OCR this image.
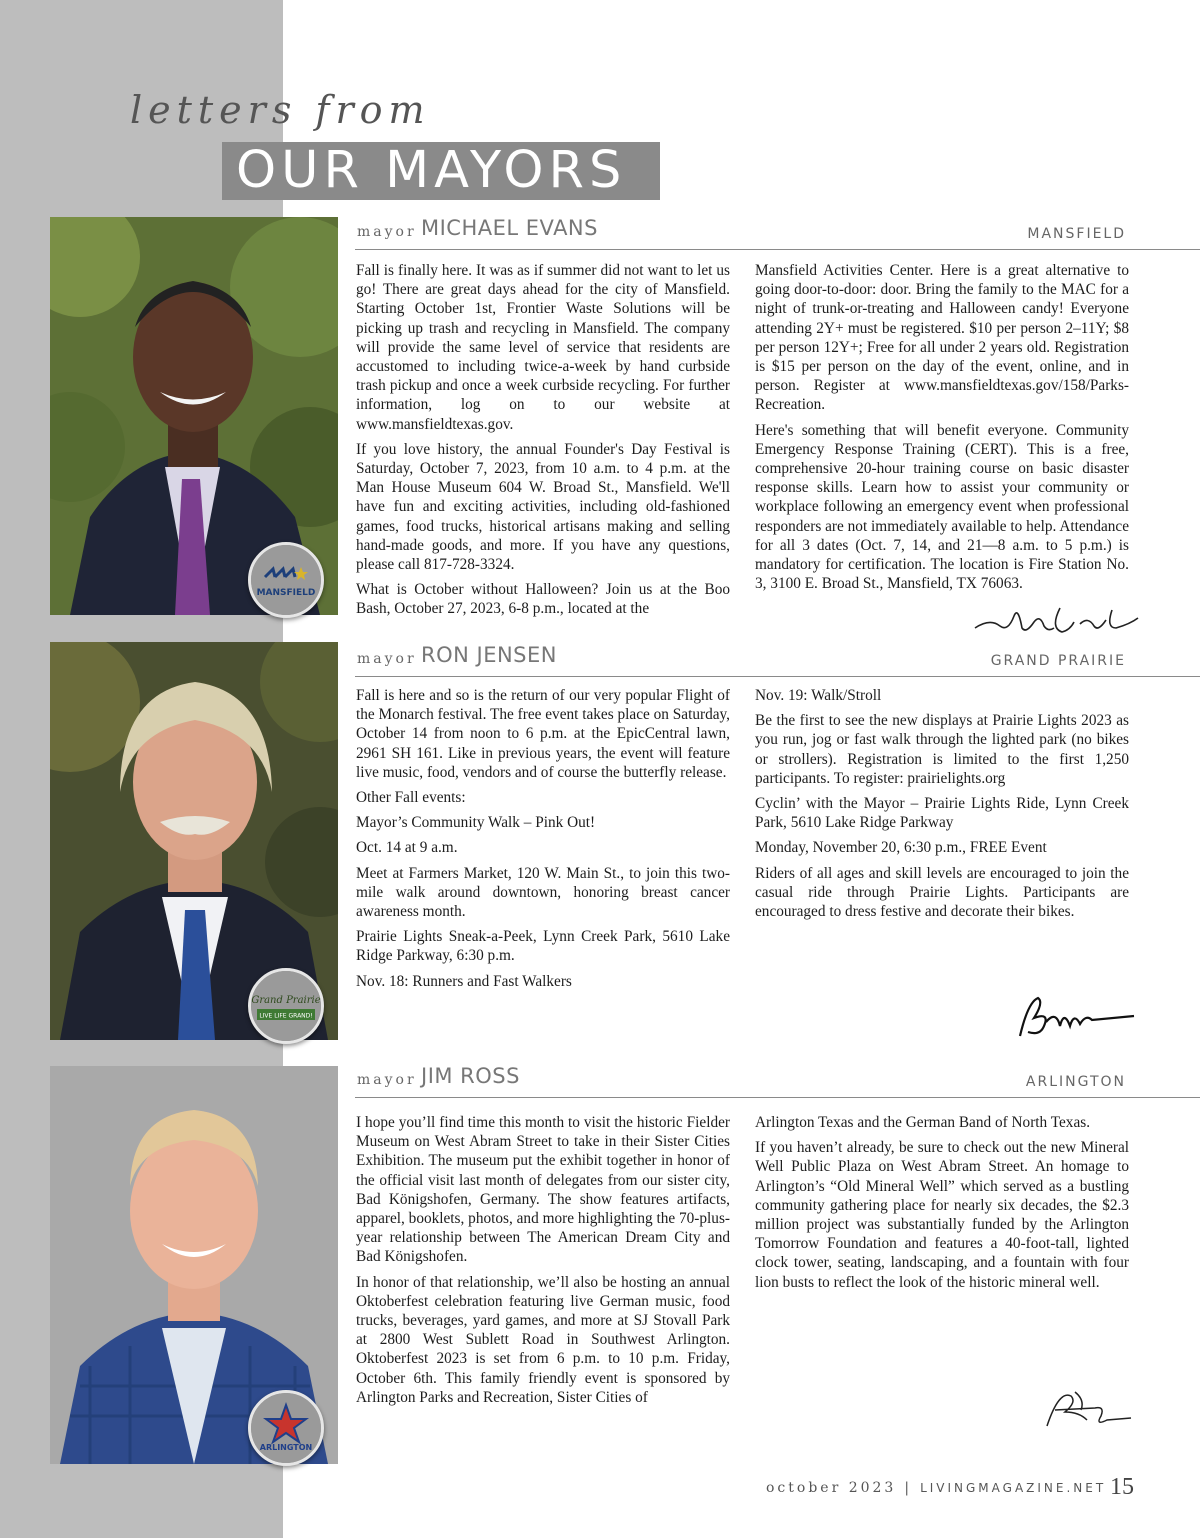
letters from
OUR MAYORS
MANSFIELD
mayor MICHAEL EVANS	MANSFIELD

Fall is finally here. It was as if summer did not want to let us go! There are great days ahead for the city of Mansfield. Starting October 1st, Frontier Waste Solutions will be picking up trash and recycling in Mansfield. The company will provide the same level of service that residents are accustomed to including twice-a-week by hand curbside trash pickup and once a week curbside recycling. For further information, log on to our website at www.mansfieldtexas.gov.

If you love history, the annual Founder's Day Festival is Saturday, October 7, 2023, from 10 a.m. to 4 p.m. at the Man House Museum 604 W. Broad St., Mansfield. We'll have fun and exciting activities, including old-fashioned games, food trucks, historical artisans making and selling hand-made goods, and more. If you have any questions, please call 817-728-3324.

What is October without Halloween? Join us at the Boo Bash, October 27, 2023, 6-8 p.m., located at the

Mansfield Activities Center. Here is a great alternative to going door-to-door: door. Bring the family to the MAC for a night of trunk-or-treating and Halloween candy! Everyone attending 2Y+ must be registered. $10 per person 2–11Y; $8 per person 12Y+; Free for all under 2 years old. Registration is $15 per person on the day of the event, online, and in person. Register at www.mansfieldtexas.gov/158/Parks-Recreation.

Here's something that will benefit everyone. Community Emergency Response Training (CERT). This is a free, comprehensive 20-hour training course on basic disaster response skills. Learn how to assist your community or workplace following an emergency event when professional responders are not immediately available to help. Attendance for all 3 dates (Oct. 7, 14, and 21—8 a.m. to 5 p.m.) is mandatory for certification. The location is Fire Station No. 3, 3100 E. Broad St., Mansfield, TX 76063.

Grand Prairie
LIVE LIFE GRAND!
mayor RON JENSEN	GRAND PRAIRIE

Fall is here and so is the return of our very popular Flight of the Monarch festival. The free event takes place on Saturday, October 14 from noon to 6 p.m. at the EpicCentral lawn, 2961 SH 161. Like in previous years, the event will feature live music, food, vendors and of course the butterfly release.

Other Fall events:

Mayor’s Community Walk – Pink Out!

Oct. 14 at 9 a.m.

Meet at Farmers Market, 120 W. Main St., to join this two-mile walk around downtown, honoring breast cancer awareness month.

Prairie Lights Sneak-a-Peek, Lynn Creek Park, 5610 Lake Ridge Parkway, 6:30 p.m.

Nov. 18: Runners and Fast Walkers

Nov. 19: Walk/Stroll

Be the first to see the new displays at Prairie Lights 2023 as you run, jog or fast walk through the lighted park (no bikes or strollers). Registration is limited to the first 1,250 participants. To register: prairielights.org

Cyclin’ with the Mayor – Prairie Lights Ride, Lynn Creek Park, 5610 Lake Ridge Parkway

Monday, November 20, 6:30 p.m., FREE Event

Riders of all ages and skill levels are encouraged to join the casual ride through Prairie Lights. Participants are encouraged to dress festive and decorate their bikes.

ARLINGTON
mayor JIM ROSS	ARLINGTON

I hope you’ll find time this month to visit the historic Fielder Museum on West Abram Street to take in their Sister Cities Exhibition. The museum put the exhibit together in honor of the official visit last month of delegates from our sister city, Bad Königshofen, Germany. The show features artifacts, apparel, booklets, photos, and more highlighting the 70-plus-year relationship between The American Dream City and Bad Königshofen.

In honor of that relationship, we’ll also be hosting an annual Oktoberfest celebration featuring live German music, food trucks, beverages, yard games, and more at SJ Stovall Park at 2800 West Sublett Road in Southwest Arlington. Oktoberfest 2023 is set from 6 p.m. to 10 p.m. Friday, October 6th. This family friendly event is sponsored by Arlington Parks and Recreation, Sister Cities of

Arlington Texas and the German Band of North Texas.

If you haven’t already, be sure to check out the new Mineral Well Public Plaza on West Abram Street. An homage to Arlington’s “Old Mineral Well” which served as a bustling community gathering place for nearly six decades, the $2.3 million project was substantially funded by the Arlington Tomorrow Foundation and features a 40-foot-tall, lighted clock tower, seating, landscaping, and a fountain with four lion busts to reflect the look of the historic mineral well.

october 2023 | LIVINGMAGAZINE.NET 15
